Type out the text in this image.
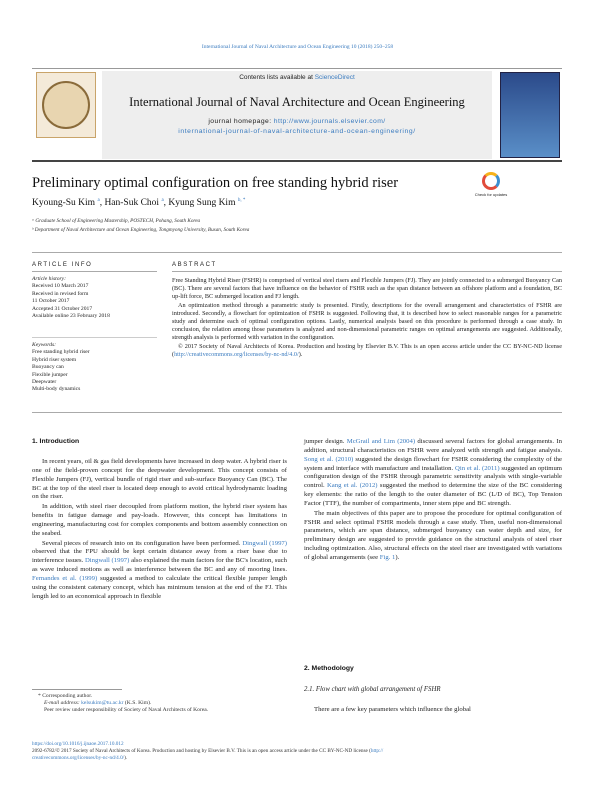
International Journal of Naval Architecture and Ocean Engineering 10 (2018) 250–258
Contents lists available at ScienceDirect
International Journal of Naval Architecture and Ocean Engineering
journal homepage: http://www.journals.elsevier.com/
international-journal-of-naval-architecture-and-ocean-engineering/
Preliminary optimal configuration on free standing hybrid riser
Check for updates
Kyoung-Su Kim $^a$, Han-Suk Choi $^a$, Kyung Sung Kim $^{b, *}$
ᵃ Graduate School of Engineering Mastership, POSTECH, Pohang, South Korea
ᵇ Department of Naval Architecture and Ocean Engineering, Tongmyong University, Busan, South Korea
ARTICLE INFO	ABSTRACT
Article history:
Received 10 March 2017
Received in revised form
11 October 2017
Accepted 31 October 2017
Available online 23 February 2018
Keywords:
Free standing hybrid riser
Hybrid riser system
Buoyancy can
Flexible jumper
Deepwater
Multi-body dynamics

Free Standing Hybrid Riser (FSHR) is comprised of vertical steel risers and Flexible Jumpers (FJ). They are jointly connected to a submerged Buoyancy Can (BC). There are several factors that have influence on the behavior of FSHR such as the span distance between an offshore platform and a foundation, BC up-lift force, BC submerged location and FJ length.

An optimization method through a parametric study is presented. Firstly, descriptions for the overall arrangement and characteristics of FSHR are introduced. Secondly, a flowchart for optimization of FSHR is suggested. Following that, it is described how to select reasonable ranges for a parametric study and determine each of optimal configuration options. Lastly, numerical analysis based on this procedure is performed through a case study. In conclusion, the relation among those parameters is analyzed and non-dimensional parametric ranges on optimal arrangements are suggested. Additionally, strength analysis is performed with variation in the configuration.

© 2017 Society of Naval Architects of Korea. Production and hosting by Elsevier B.V. This is an open access article under the CC BY-NC-ND license (http://creativecommons.org/licenses/by-nc-nd/4.0/).

1. Introduction

In recent years, oil & gas field developments have increased in deep water. A hybrid riser is one of the field-proven concept for the deepwater development. This concept consists of Flexible Jumpers (FJ), vertical bundle of rigid riser and sub-surface Buoyancy Can (BC). The BC at the top of the steel riser is located deep enough to avoid critical hydrodynamic loading on the riser.

In addition, with steel riser decoupled from platform motion, the hybrid riser system has benefits in fatigue damage and pay-loads. However, this concept has limitations in engineering, manufacturing cost for complex components and bottom assembly connection on the seabed.

Several pieces of research into on its configuration have been performed. Dingwall (1997) observed that the FPU should be kept certain distance away from a riser base due to interference issues. Dingwall (1997) also explained the main factors for the BC's location, such as wave induced motions as well as interference between the BC and any of mooring lines. Fernandes et al. (1999) suggested a method to calculate the critical flexible jumper length using the consistent catenary concept, which has minimum tension at the end of the FJ. This length led to an economical approach in flexible

jumper design. McGrail and Lim (2004) discussed several factors for global arrangements. In addition, structural characteristics on FSHR were analyzed with strength and fatigue analysis. Song et al. (2010) suggested the design flowchart for FSHR considering the complexity of the system and interface with manufacture and installation. Qin et al. (2011) suggested an optimum configuration design of the FSHR through parametric sensitivity analysis with single-variable control. Kang et al. (2012) suggested the method to determine the size of the BC considering key elements: the ratio of the length to the outer diameter of BC (L/D of BC), Top Tension Factor (TTF), the number of compartments, inner stem pipe and BC strength.

The main objectives of this paper are to propose the procedure for optimal configuration of FSHR and select optimal FSHR models through a case study. Then, useful non-dimensional parameters, which are span distance, submerged buoyancy can water depth and size, for preliminary design are suggested to provide guidance on the structural analysis of steel riser including optimization. Also, structural effects on the steel riser are investigated with variations of global arrangements (see Fig. 1).

2. Methodology
2.1. Flow chart with global arrangement of FSHR

There are a few key parameters which influence the global

* Corresponding author.
E-mail address: kelsukim@tu.ac.kr (K.S. Kim).
Peer review under responsibility of Society of Naval Architects of Korea.
https://doi.org/10.1016/j.ijnaoe.2017.10.012
2092-6782/© 2017 Society of Naval Architects of Korea. Production and hosting by Elsevier B.V. This is an open access article under the CC BY-NC-ND license (http://
creativecommons.org/licenses/by-nc-nd/4.0/).
